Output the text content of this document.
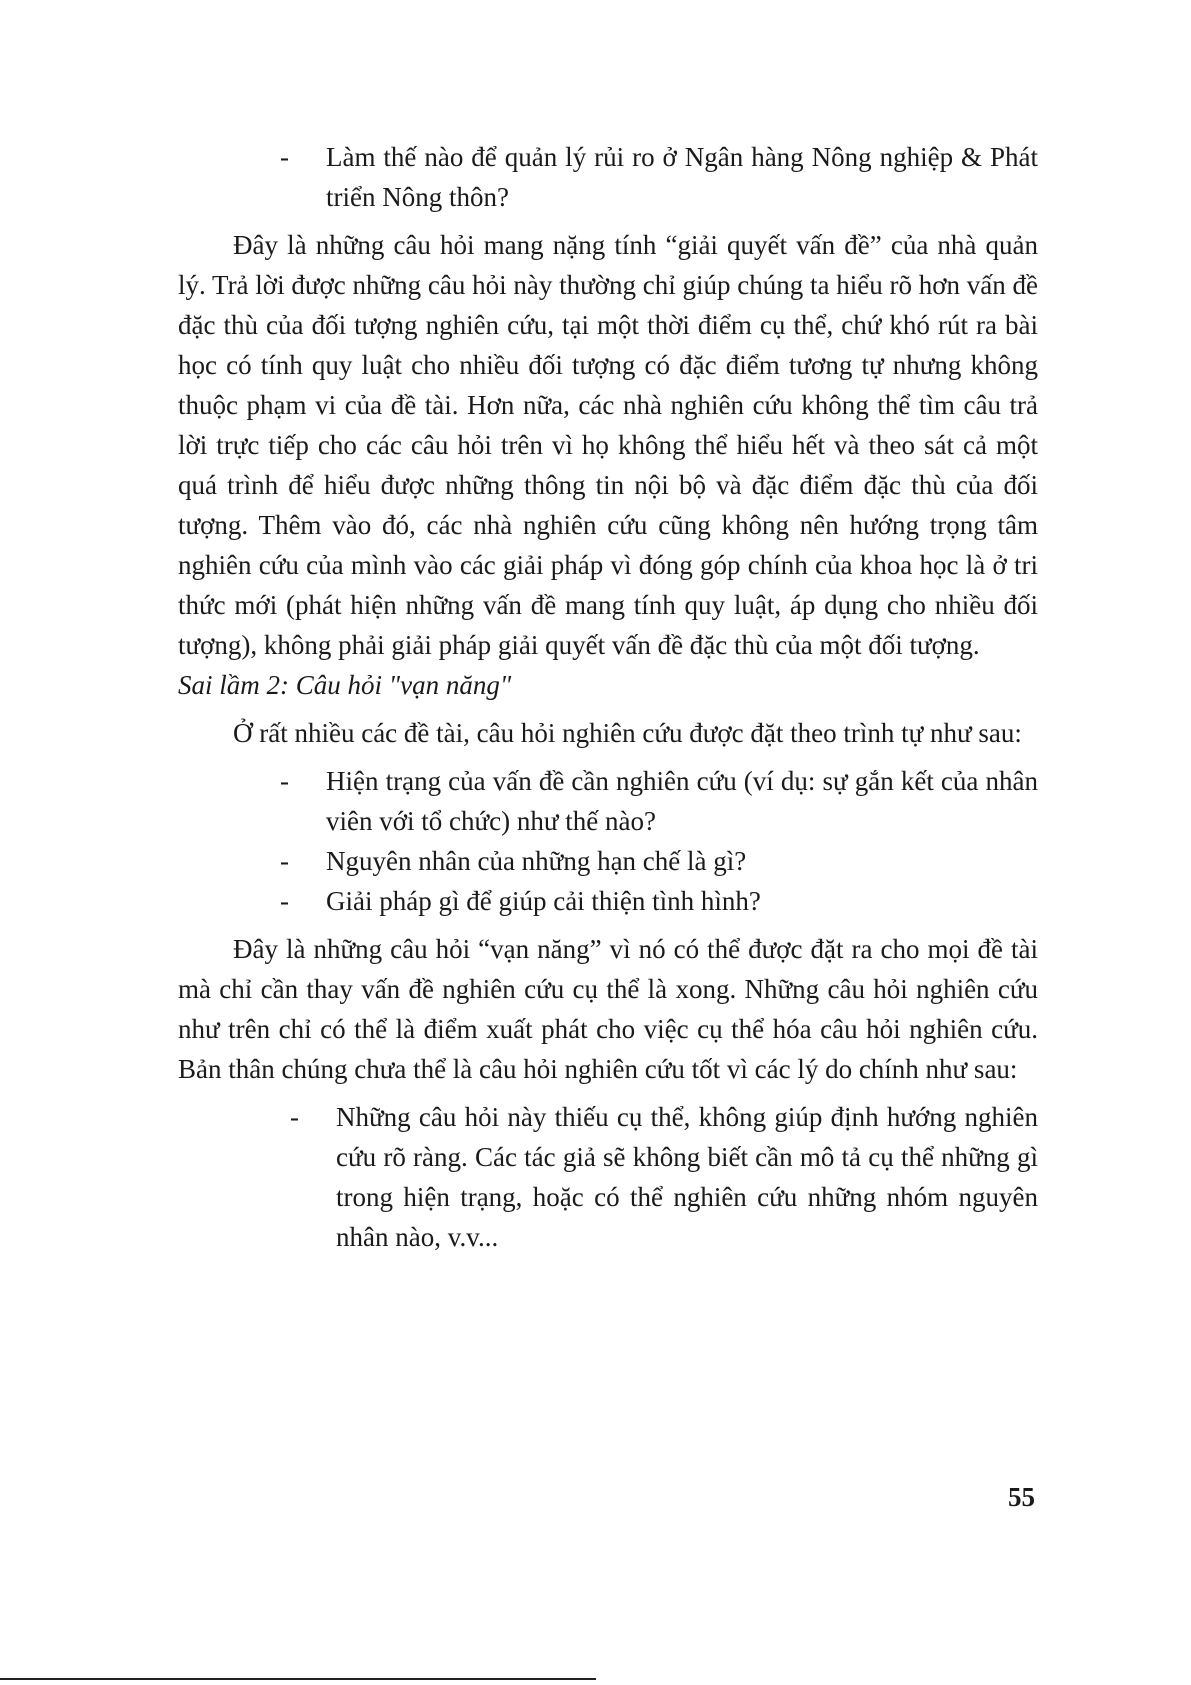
- Làm thế nào để quản lý rủi ro ở Ngân hàng Nông nghiệp & Phát triển Nông thôn?

Đây là những câu hỏi mang nặng tính “giải quyết vấn đề” của nhà quản lý. Trả lời được những câu hỏi này thường chỉ giúp chúng ta hiểu rõ hơn vấn đề đặc thù của đối tượng nghiên cứu, tại một thời điểm cụ thể, chứ khó rút ra bài học có tính quy luật cho nhiều đối tượng có đặc điểm tương tự nhưng không thuộc phạm vi của đề tài. Hơn nữa, các nhà nghiên cứu không thể tìm câu trả lời trực tiếp cho các câu hỏi trên vì họ không thể hiểu hết và theo sát cả một quá trình để hiểu được những thông tin nội bộ và đặc điểm đặc thù của đối tượng. Thêm vào đó, các nhà nghiên cứu cũng không nên hướng trọng tâm nghiên cứu của mình vào các giải pháp vì đóng góp chính của khoa học là ở tri thức mới (phát hiện những vấn đề mang tính quy luật, áp dụng cho nhiều đối tượng), không phải giải pháp giải quyết vấn đề đặc thù của một đối tượng.

Sai lầm 2: Câu hỏi "vạn năng"

Ở rất nhiều các đề tài, câu hỏi nghiên cứu được đặt theo trình tự như sau:

- Hiện trạng của vấn đề cần nghiên cứu (ví dụ: sự gắn kết của nhân viên với tổ chức) như thế nào?

- Nguyên nhân của những hạn chế là gì?

- Giải pháp gì để giúp cải thiện tình hình?

Đây là những câu hỏi “vạn năng” vì nó có thể được đặt ra cho mọi đề tài mà chỉ cần thay vấn đề nghiên cứu cụ thể là xong. Những câu hỏi nghiên cứu như trên chỉ có thể là điểm xuất phát cho việc cụ thể hóa câu hỏi nghiên cứu. Bản thân chúng chưa thể là câu hỏi nghiên cứu tốt vì các lý do chính như sau:

- Những câu hỏi này thiếu cụ thể, không giúp định hướng nghiên cứu rõ ràng. Các tác giả sẽ không biết cần mô tả cụ thể những gì trong hiện trạng, hoặc có thể nghiên cứu những nhóm nguyên nhân nào, v.v...

55
